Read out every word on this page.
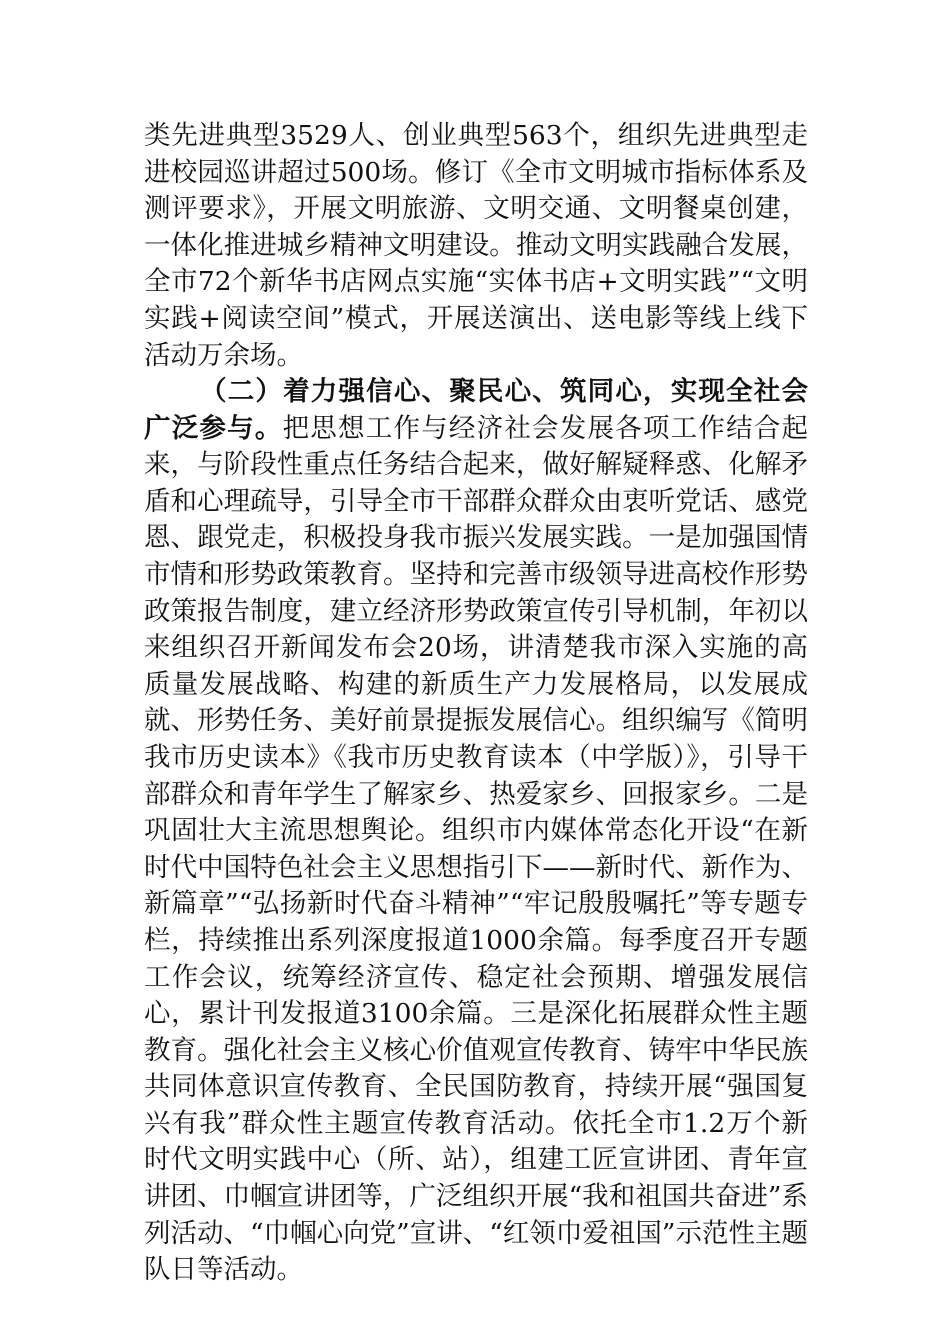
类先进典型3529人、创业典型563个，组织先进典型走进校园巡讲超过500场。修订《全市文明城市指标体系及测评要求》，开展文明旅游、文明交通、文明餐桌创建，一体化推进城乡精神文明建设。推动文明实践融合发展，全市72个新华书店网点实施“实体书店+文明实践”“文明实践+阅读空间”模式，开展送演出、送电影等线上线下活动万余场。

（二）着力强信心、聚民心、筑同心，实现全社会广泛参与。把思想工作与经济社会发展各项工作结合起来，与阶段性重点任务结合起来，做好解疑释惑、化解矛盾和心理疏导，引导全市干部群众群众由衷听党话、感党恩、跟党走，积极投身我市振兴发展实践。一是加强国情市情和形势政策教育。坚持和完善市级领导进高校作形势政策报告制度，建立经济形势政策宣传引导机制，年初以来组织召开新闻发布会20场，讲清楚我市深入实施的高质量发展战略、构建的新质生产力发展格局，以发展成就、形势任务、美好前景提振发展信心。组织编写《简明我市历史读本》《我市历史教育读本（中学版）》，引导干部群众和青年学生了解家乡、热爱家乡、回报家乡。二是巩固壮大主流思想舆论。组织市内媒体常态化开设“在新时代中国特色社会主义思想指引下——新时代、新作为、新篇章”“弘扬新时代奋斗精神”“牢记殷殷嘱托”等专题专栏，持续推出系列深度报道1000余篇。每季度召开专题工作会议，统筹经济宣传、稳定社会预期、增强发展信心，累计刊发报道3100余篇。三是深化拓展群众性主题教育。强化社会主义核心价值观宣传教育、铸牢中华民族共同体意识宣传教育、全民国防教育，持续开展“强国复兴有我”群众性主题宣传教育活动。依托全市1.2万个新时代文明实践中心（所、站），组建工匠宣讲团、青年宣讲团、巾帼宣讲团等，广泛组织开展“我和祖国共奋进”系列活动、“巾帼心向党”宣讲、“红领巾爱祖国”示范性主题队日等活动。
